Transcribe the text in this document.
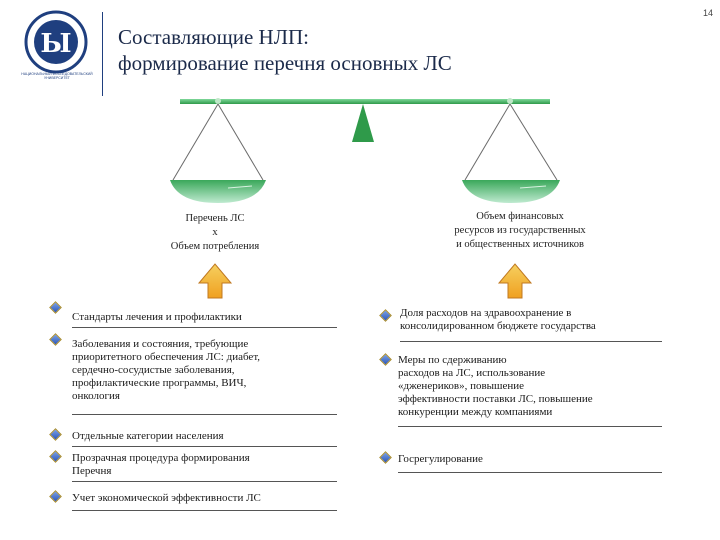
Ы
НАЦИОНАЛЬНЫЙ ИССЛЕДОВАТЕЛЬСКИЙ УНИВЕРСИТЕТ
Составляющие НЛП:
формирование перечня основных ЛС
14
Перечень ЛС
х
Объем потребления
Объем финансовых
ресурсов из государственных
и общественных источников
Стандарты лечения и профилактики
Заболевания и состояния, требующие
приоритетного обеспечения ЛС: диабет,
сердечно-сосудистые заболевания,
профилактические программы, ВИЧ,
онкология
Отдельные категории населения
Прозрачная процедура формирования
Перечня
Учет экономической эффективности ЛС
Доля расходов на здравоохранение в
консолидированном бюджете государства
Меры по сдерживанию
расходов на ЛС, использование
«дженериков», повышение
эффективности поставки ЛС, повышение
конкуренции между компаниями
Госрегулирование
